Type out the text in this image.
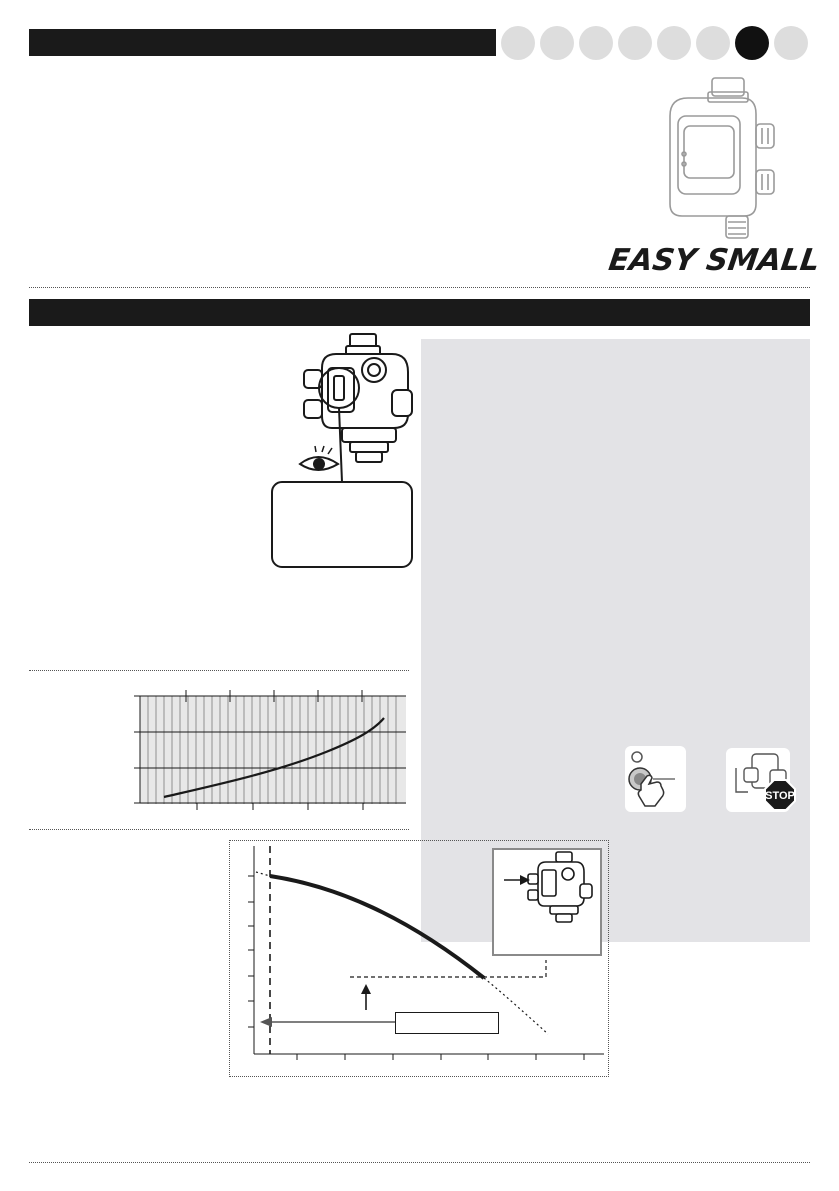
EASY SMALL
STOP
